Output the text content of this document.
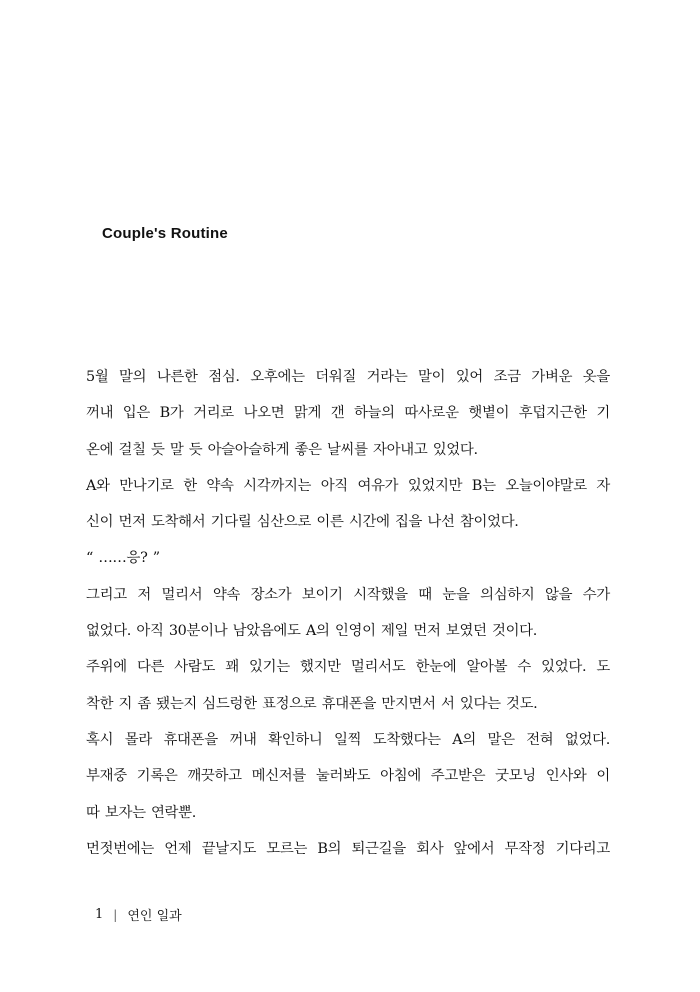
Couple's Routine
5월 말의 나른한 점심. 오후에는 더워질 거라는 말이 있어 조금 가벼운 옷을
꺼내 입은 B가 거리로 나오면 맑게 갠 하늘의 따사로운 햇볕이 후덥지근한 기
온에 걸칠 듯 말 듯 아슬아슬하게 좋은 날씨를 자아내고 있었다.
A와 만나기로 한 약속 시각까지는 아직 여유가 있었지만 B는 오늘이야말로 자
신이 먼저 도착해서 기다릴 심산으로 이른 시간에 집을 나선 참이었다.
“ ……응? ”
그리고 저 멀리서 약속 장소가 보이기 시작했을 때 눈을 의심하지 않을 수가
없었다. 아직 30분이나 남았음에도 A의 인영이 제일 먼저 보였던 것이다.
주위에 다른 사람도 꽤 있기는 했지만 멀리서도 한눈에 알아볼 수 있었다. 도
착한 지 좀 됐는지 심드렁한 표정으로 휴대폰을 만지면서 서 있다는 것도.
혹시 몰라 휴대폰을 꺼내 확인하니 일찍 도착했다는 A의 말은 전혀 없었다.
부재중 기록은 깨끗하고 메신저를 눌러봐도 아침에 주고받은 굿모닝 인사와 이
따 보자는 연락뿐.
먼젓번에는 언제 끝날지도 모르는 B의 퇴근길을 회사 앞에서 무작정 기다리고
1 | 연인 일과
